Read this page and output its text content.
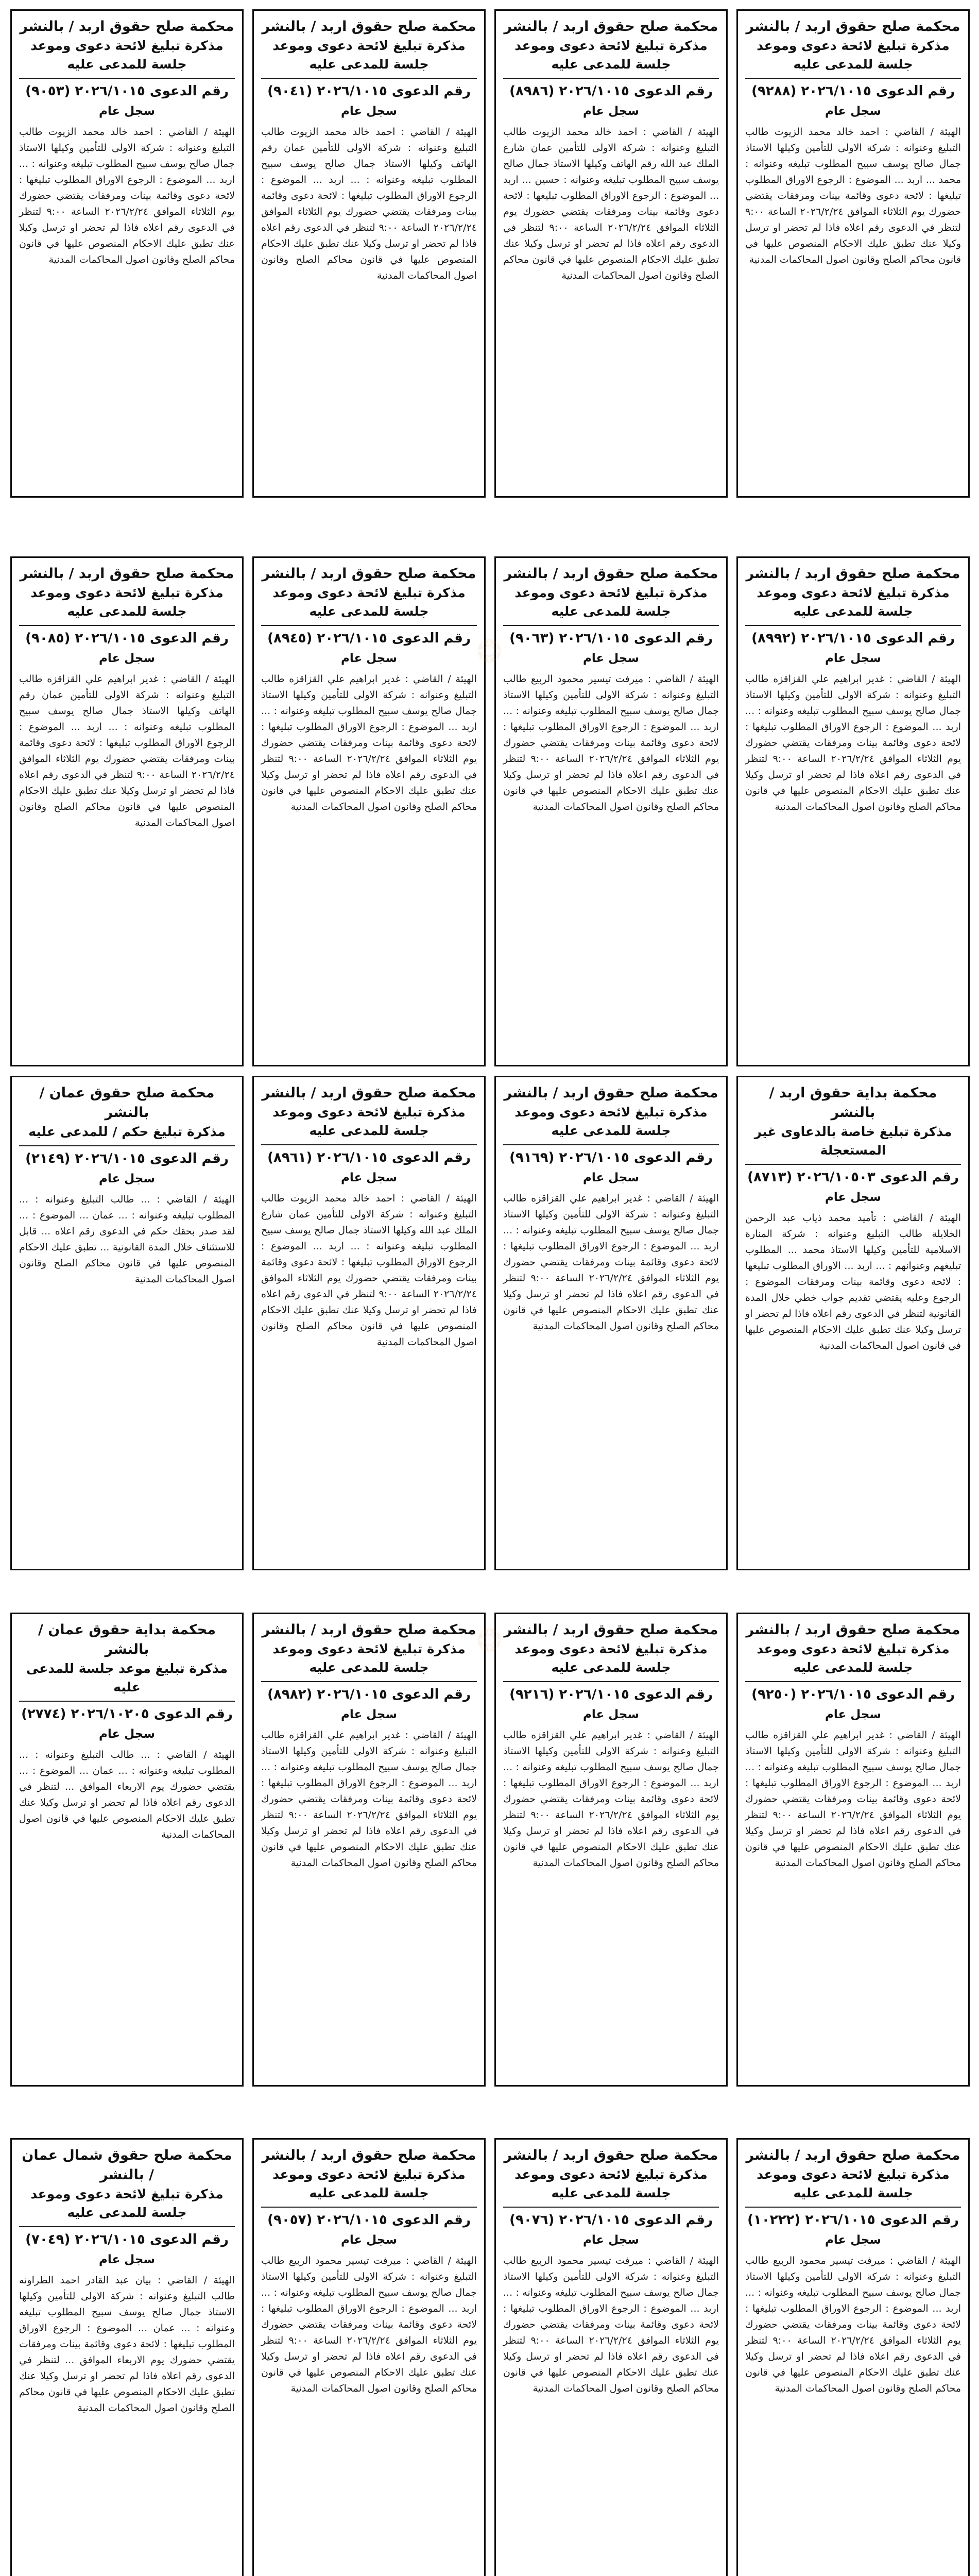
❂
❂
محكمة صلح حقوق اربد / بالنشر
مذكرة تبليغ لائحة دعوى وموعد جلسة للمدعى عليه
رقم الدعوى ٢٠٢٦/١٠١٥ (٩٢٨٨)
سجل عام
الهيئة / القاضي : احمد خالد محمد الزيوت طالب التبليغ وعنوانه : شركة الاولى للتأمين وكيلها الاستاذ جمال صالح يوسف سبيح المطلوب تبليغه وعنوانه : محمد ... اربد ... الموضوع : الرجوع الاوراق المطلوب تبليغها : لائحة دعوى وقائمة بينات ومرفقات يقتضي حضورك يوم الثلاثاء الموافق ٢٠٢٦/٢/٢٤ الساعة ٩:٠٠ لتنظر في الدعوى رقم اعلاه فاذا لم تحضر او ترسل وكيلا عنك تطبق عليك الاحكام المنصوص عليها في قانون محاكم الصلح وقانون اصول المحاكمات المدنية
محكمة صلح حقوق اربد / بالنشر
مذكرة تبليغ لائحة دعوى وموعد جلسة للمدعى عليه
رقم الدعوى ٢٠٢٦/١٠١٥ (٨٩٨٦)
سجل عام
الهيئة / القاضي : احمد خالد محمد الزيوت طالب التبليغ وعنوانه : شركة الاولى للتأمين عمان شارع الملك عبد الله رقم الهاتف وكيلها الاستاذ جمال صالح يوسف سبيح المطلوب تبليغه وعنوانه : حسين ... اربد ... الموضوع : الرجوع الاوراق المطلوب تبليغها : لائحة دعوى وقائمة بينات ومرفقات يقتضي حضورك يوم الثلاثاء الموافق ٢٠٢٦/٢/٢٤ الساعة ٩:٠٠ لتنظر في الدعوى رقم اعلاه فاذا لم تحضر او ترسل وكيلا عنك تطبق عليك الاحكام المنصوص عليها في قانون محاكم الصلح وقانون اصول المحاكمات المدنية
محكمة صلح حقوق اربد / بالنشر
مذكرة تبليغ لائحة دعوى وموعد جلسة للمدعى عليه
رقم الدعوى ٢٠٢٦/١٠١٥ (٩٠٤١)
سجل عام
الهيئة / القاضي : احمد خالد محمد الزيوت طالب التبليغ وعنوانه : شركة الاولى للتأمين عمان رقم الهاتف وكيلها الاستاذ جمال صالح يوسف سبيح المطلوب تبليغه وعنوانه : ... اربد ... الموضوع : الرجوع الاوراق المطلوب تبليغها : لائحة دعوى وقائمة بينات ومرفقات يقتضي حضورك يوم الثلاثاء الموافق ٢٠٢٦/٢/٢٤ الساعة ٩:٠٠ لتنظر في الدعوى رقم اعلاه فاذا لم تحضر او ترسل وكيلا عنك تطبق عليك الاحكام المنصوص عليها في قانون محاكم الصلح وقانون اصول المحاكمات المدنية
محكمة صلح حقوق اربد / بالنشر
مذكرة تبليغ لائحة دعوى وموعد جلسة للمدعى عليه
رقم الدعوى ٢٠٢٦/١٠١٥ (٩٠٥٣)
سجل عام
الهيئة / القاضي : احمد خالد محمد الزيوت طالب التبليغ وعنوانه : شركة الاولى للتأمين وكيلها الاستاذ جمال صالح يوسف سبيح المطلوب تبليغه وعنوانه : ... اربد ... الموضوع : الرجوع الاوراق المطلوب تبليغها : لائحة دعوى وقائمة بينات ومرفقات يقتضي حضورك يوم الثلاثاء الموافق ٢٠٢٦/٢/٢٤ الساعة ٩:٠٠ لتنظر في الدعوى رقم اعلاه فاذا لم تحضر او ترسل وكيلا عنك تطبق عليك الاحكام المنصوص عليها في قانون محاكم الصلح وقانون اصول المحاكمات المدنية
محكمة صلح حقوق اربد / بالنشر
مذكرة تبليغ لائحة دعوى وموعد جلسة للمدعى عليه
رقم الدعوى ٢٠٢٦/١٠١٥ (٨٩٩٢)
سجل عام
الهيئة / القاضي : غدير ابراهيم علي القزاقزه طالب التبليغ وعنوانه : شركة الاولى للتأمين وكيلها الاستاذ جمال صالح يوسف سبيح المطلوب تبليغه وعنوانه : ... اربد ... الموضوع : الرجوع الاوراق المطلوب تبليغها : لائحة دعوى وقائمة بينات ومرفقات يقتضي حضورك يوم الثلاثاء الموافق ٢٠٢٦/٢/٢٤ الساعة ٩:٠٠ لتنظر في الدعوى رقم اعلاه فاذا لم تحضر او ترسل وكيلا عنك تطبق عليك الاحكام المنصوص عليها في قانون محاكم الصلح وقانون اصول المحاكمات المدنية
محكمة صلح حقوق اربد / بالنشر
مذكرة تبليغ لائحة دعوى وموعد جلسة للمدعى عليه
رقم الدعوى ٢٠٢٦/١٠١٥ (٩٠٦٣)
سجل عام
الهيئة / القاضي : ميرفت تيسير محمود الربيع طالب التبليغ وعنوانه : شركة الاولى للتأمين وكيلها الاستاذ جمال صالح يوسف سبيح المطلوب تبليغه وعنوانه : ... اربد ... الموضوع : الرجوع الاوراق المطلوب تبليغها : لائحة دعوى وقائمة بينات ومرفقات يقتضي حضورك يوم الثلاثاء الموافق ٢٠٢٦/٢/٢٤ الساعة ٩:٠٠ لتنظر في الدعوى رقم اعلاه فاذا لم تحضر او ترسل وكيلا عنك تطبق عليك الاحكام المنصوص عليها في قانون محاكم الصلح وقانون اصول المحاكمات المدنية
محكمة صلح حقوق اربد / بالنشر
مذكرة تبليغ لائحة دعوى وموعد جلسة للمدعى عليه
رقم الدعوى ٢٠٢٦/١٠١٥ (٨٩٤٥)
سجل عام
الهيئة / القاضي : غدير ابراهيم علي القزاقزه طالب التبليغ وعنوانه : شركة الاولى للتأمين وكيلها الاستاذ جمال صالح يوسف سبيح المطلوب تبليغه وعنوانه : ... اربد ... الموضوع : الرجوع الاوراق المطلوب تبليغها : لائحة دعوى وقائمة بينات ومرفقات يقتضي حضورك يوم الثلاثاء الموافق ٢٠٢٦/٢/٢٤ الساعة ٩:٠٠ لتنظر في الدعوى رقم اعلاه فاذا لم تحضر او ترسل وكيلا عنك تطبق عليك الاحكام المنصوص عليها في قانون محاكم الصلح وقانون اصول المحاكمات المدنية
محكمة صلح حقوق اربد / بالنشر
مذكرة تبليغ لائحة دعوى وموعد جلسة للمدعى عليه
رقم الدعوى ٢٠٢٦/١٠١٥ (٩٠٨٥)
سجل عام
الهيئة / القاضي : غدير ابراهيم علي القزاقزه طالب التبليغ وعنوانه : شركة الاولى للتأمين عمان رقم الهاتف وكيلها الاستاذ جمال صالح يوسف سبيح المطلوب تبليغه وعنوانه : ... اربد ... الموضوع : الرجوع الاوراق المطلوب تبليغها : لائحة دعوى وقائمة بينات ومرفقات يقتضي حضورك يوم الثلاثاء الموافق ٢٠٢٦/٢/٢٤ الساعة ٩:٠٠ لتنظر في الدعوى رقم اعلاه فاذا لم تحضر او ترسل وكيلا عنك تطبق عليك الاحكام المنصوص عليها في قانون محاكم الصلح وقانون اصول المحاكمات المدنية
محكمة بداية حقوق اربد / بالنشر
مذكرة تبليغ خاصة بالدعاوى غير المستعجلة
رقم الدعوى ٢٠٢٦/١٠٥٠٣ (٨٧١٣)
سجل عام
الهيئة / القاضي : تأميد محمد ذياب عبد الرحمن الخلايلة طالب التبليغ وعنوانه : شركة المنارة الاسلامية للتأمين وكيلها الاستاذ محمد ... المطلوب تبليغهم وعنوانهم : ... اربد ... الاوراق المطلوب تبليغها : لائحة دعوى وقائمة بينات ومرفقات الموضوع : الرجوع وعليه يقتضي تقديم جواب خطي خلال المدة القانونية لتنظر في الدعوى رقم اعلاه فاذا لم تحضر او ترسل وكيلا عنك تطبق عليك الاحكام المنصوص عليها في قانون اصول المحاكمات المدنية
محكمة صلح حقوق اربد / بالنشر
مذكرة تبليغ لائحة دعوى وموعد جلسة للمدعى عليه
رقم الدعوى ٢٠٢٦/١٠١٥ (٩١٦٩)
سجل عام
الهيئة / القاضي : غدير ابراهيم علي القزاقزه طالب التبليغ وعنوانه : شركة الاولى للتأمين وكيلها الاستاذ جمال صالح يوسف سبيح المطلوب تبليغه وعنوانه : ... اربد ... الموضوع : الرجوع الاوراق المطلوب تبليغها : لائحة دعوى وقائمة بينات ومرفقات يقتضي حضورك يوم الثلاثاء الموافق ٢٠٢٦/٢/٢٤ الساعة ٩:٠٠ لتنظر في الدعوى رقم اعلاه فاذا لم تحضر او ترسل وكيلا عنك تطبق عليك الاحكام المنصوص عليها في قانون محاكم الصلح وقانون اصول المحاكمات المدنية
محكمة صلح حقوق اربد / بالنشر
مذكرة تبليغ لائحة دعوى وموعد جلسة للمدعى عليه
رقم الدعوى ٢٠٢٦/١٠١٥ (٨٩٦١)
سجل عام
الهيئة / القاضي : احمد خالد محمد الزيوت طالب التبليغ وعنوانه : شركة الاولى للتأمين عمان شارع الملك عبد الله وكيلها الاستاذ جمال صالح يوسف سبيح المطلوب تبليغه وعنوانه : ... اربد ... الموضوع : الرجوع الاوراق المطلوب تبليغها : لائحة دعوى وقائمة بينات ومرفقات يقتضي حضورك يوم الثلاثاء الموافق ٢٠٢٦/٢/٢٤ الساعة ٩:٠٠ لتنظر في الدعوى رقم اعلاه فاذا لم تحضر او ترسل وكيلا عنك تطبق عليك الاحكام المنصوص عليها في قانون محاكم الصلح وقانون اصول المحاكمات المدنية
محكمة صلح حقوق عمان / بالنشر
مذكرة تبليغ حكم / للمدعى عليه
رقم الدعوى ٢٠٢٦/١٠١٥ (٢١٤٩)
سجل عام
الهيئة / القاضي : ... طالب التبليغ وعنوانه : ... المطلوب تبليغه وعنوانه : ... عمان ... الموضوع : ... لقد صدر بحقك حكم في الدعوى رقم اعلاه ... قابل للاستئناف خلال المدة القانونية ... تطبق عليك الاحكام المنصوص عليها في قانون محاكم الصلح وقانون اصول المحاكمات المدنية
محكمة صلح حقوق اربد / بالنشر
مذكرة تبليغ لائحة دعوى وموعد جلسة للمدعى عليه
رقم الدعوى ٢٠٢٦/١٠١٥ (٩٢٥٠)
سجل عام
الهيئة / القاضي : غدير ابراهيم علي القزاقزه طالب التبليغ وعنوانه : شركة الاولى للتأمين وكيلها الاستاذ جمال صالح يوسف سبيح المطلوب تبليغه وعنوانه : ... اربد ... الموضوع : الرجوع الاوراق المطلوب تبليغها : لائحة دعوى وقائمة بينات ومرفقات يقتضي حضورك يوم الثلاثاء الموافق ٢٠٢٦/٢/٢٤ الساعة ٩:٠٠ لتنظر في الدعوى رقم اعلاه فاذا لم تحضر او ترسل وكيلا عنك تطبق عليك الاحكام المنصوص عليها في قانون محاكم الصلح وقانون اصول المحاكمات المدنية
محكمة صلح حقوق اربد / بالنشر
مذكرة تبليغ لائحة دعوى وموعد جلسة للمدعى عليه
رقم الدعوى ٢٠٢٦/١٠١٥ (٩٢١٦)
سجل عام
الهيئة / القاضي : غدير ابراهيم علي القزاقزه طالب التبليغ وعنوانه : شركة الاولى للتأمين وكيلها الاستاذ جمال صالح يوسف سبيح المطلوب تبليغه وعنوانه : ... اربد ... الموضوع : الرجوع الاوراق المطلوب تبليغها : لائحة دعوى وقائمة بينات ومرفقات يقتضي حضورك يوم الثلاثاء الموافق ٢٠٢٦/٢/٢٤ الساعة ٩:٠٠ لتنظر في الدعوى رقم اعلاه فاذا لم تحضر او ترسل وكيلا عنك تطبق عليك الاحكام المنصوص عليها في قانون محاكم الصلح وقانون اصول المحاكمات المدنية
محكمة صلح حقوق اربد / بالنشر
مذكرة تبليغ لائحة دعوى وموعد جلسة للمدعى عليه
رقم الدعوى ٢٠٢٦/١٠١٥ (٨٩٨٢)
سجل عام
الهيئة / القاضي : غدير ابراهيم علي القزاقزه طالب التبليغ وعنوانه : شركة الاولى للتأمين وكيلها الاستاذ جمال صالح يوسف سبيح المطلوب تبليغه وعنوانه : ... اربد ... الموضوع : الرجوع الاوراق المطلوب تبليغها : لائحة دعوى وقائمة بينات ومرفقات يقتضي حضورك يوم الثلاثاء الموافق ٢٠٢٦/٢/٢٤ الساعة ٩:٠٠ لتنظر في الدعوى رقم اعلاه فاذا لم تحضر او ترسل وكيلا عنك تطبق عليك الاحكام المنصوص عليها في قانون محاكم الصلح وقانون اصول المحاكمات المدنية
محكمة بداية حقوق عمان / بالنشر
مذكرة تبليغ موعد جلسة للمدعى عليه
رقم الدعوى ٢٠٢٦/١٠٢٠٥ (٢٧٧٤)
سجل عام
الهيئة / القاضي : ... طالب التبليغ وعنوانه : ... المطلوب تبليغه وعنوانه : ... عمان ... الموضوع : ... يقتضي حضورك يوم الاربعاء الموافق ... لتنظر في الدعوى رقم اعلاه فاذا لم تحضر او ترسل وكيلا عنك تطبق عليك الاحكام المنصوص عليها في قانون اصول المحاكمات المدنية
محكمة صلح حقوق اربد / بالنشر
مذكرة تبليغ لائحة دعوى وموعد جلسة للمدعى عليه
رقم الدعوى ٢٠٢٦/١٠١٥ (١٠٢٢٢)
سجل عام
الهيئة / القاضي : ميرفت تيسير محمود الربيع طالب التبليغ وعنوانه : شركة الاولى للتأمين وكيلها الاستاذ جمال صالح يوسف سبيح المطلوب تبليغه وعنوانه : ... اربد ... الموضوع : الرجوع الاوراق المطلوب تبليغها : لائحة دعوى وقائمة بينات ومرفقات يقتضي حضورك يوم الثلاثاء الموافق ٢٠٢٦/٢/٢٤ الساعة ٩:٠٠ لتنظر في الدعوى رقم اعلاه فاذا لم تحضر او ترسل وكيلا عنك تطبق عليك الاحكام المنصوص عليها في قانون محاكم الصلح وقانون اصول المحاكمات المدنية
محكمة صلح حقوق اربد / بالنشر
مذكرة تبليغ لائحة دعوى وموعد جلسة للمدعى عليه
رقم الدعوى ٢٠٢٦/١٠١٥ (٩٠٧٦)
سجل عام
الهيئة / القاضي : ميرفت تيسير محمود الربيع طالب التبليغ وعنوانه : شركة الاولى للتأمين وكيلها الاستاذ جمال صالح يوسف سبيح المطلوب تبليغه وعنوانه : ... اربد ... الموضوع : الرجوع الاوراق المطلوب تبليغها : لائحة دعوى وقائمة بينات ومرفقات يقتضي حضورك يوم الثلاثاء الموافق ٢٠٢٦/٢/٢٤ الساعة ٩:٠٠ لتنظر في الدعوى رقم اعلاه فاذا لم تحضر او ترسل وكيلا عنك تطبق عليك الاحكام المنصوص عليها في قانون محاكم الصلح وقانون اصول المحاكمات المدنية
محكمة صلح حقوق اربد / بالنشر
مذكرة تبليغ لائحة دعوى وموعد جلسة للمدعى عليه
رقم الدعوى ٢٠٢٦/١٠١٥ (٩٠٥٧)
سجل عام
الهيئة / القاضي : ميرفت تيسير محمود الربيع طالب التبليغ وعنوانه : شركة الاولى للتأمين وكيلها الاستاذ جمال صالح يوسف سبيح المطلوب تبليغه وعنوانه : ... اربد ... الموضوع : الرجوع الاوراق المطلوب تبليغها : لائحة دعوى وقائمة بينات ومرفقات يقتضي حضورك يوم الثلاثاء الموافق ٢٠٢٦/٢/٢٤ الساعة ٩:٠٠ لتنظر في الدعوى رقم اعلاه فاذا لم تحضر او ترسل وكيلا عنك تطبق عليك الاحكام المنصوص عليها في قانون محاكم الصلح وقانون اصول المحاكمات المدنية
محكمة صلح حقوق شمال عمان / بالنشر
مذكرة تبليغ لائحة دعوى وموعد جلسة للمدعى عليه
رقم الدعوى ٢٠٢٦/١٠١٥ (٧٠٤٩)
سجل عام
الهيئة / القاضي : بيان عبد القادر احمد الطراونه طالب التبليغ وعنوانه : شركة الاولى للتأمين وكيلها الاستاذ جمال صالح يوسف سبيح المطلوب تبليغه وعنوانه : ... عمان ... الموضوع : الرجوع الاوراق المطلوب تبليغها : لائحة دعوى وقائمة بينات ومرفقات يقتضي حضورك يوم الاربعاء الموافق ... لتنظر في الدعوى رقم اعلاه فاذا لم تحضر او ترسل وكيلا عنك تطبق عليك الاحكام المنصوص عليها في قانون محاكم الصلح وقانون اصول المحاكمات المدنية
